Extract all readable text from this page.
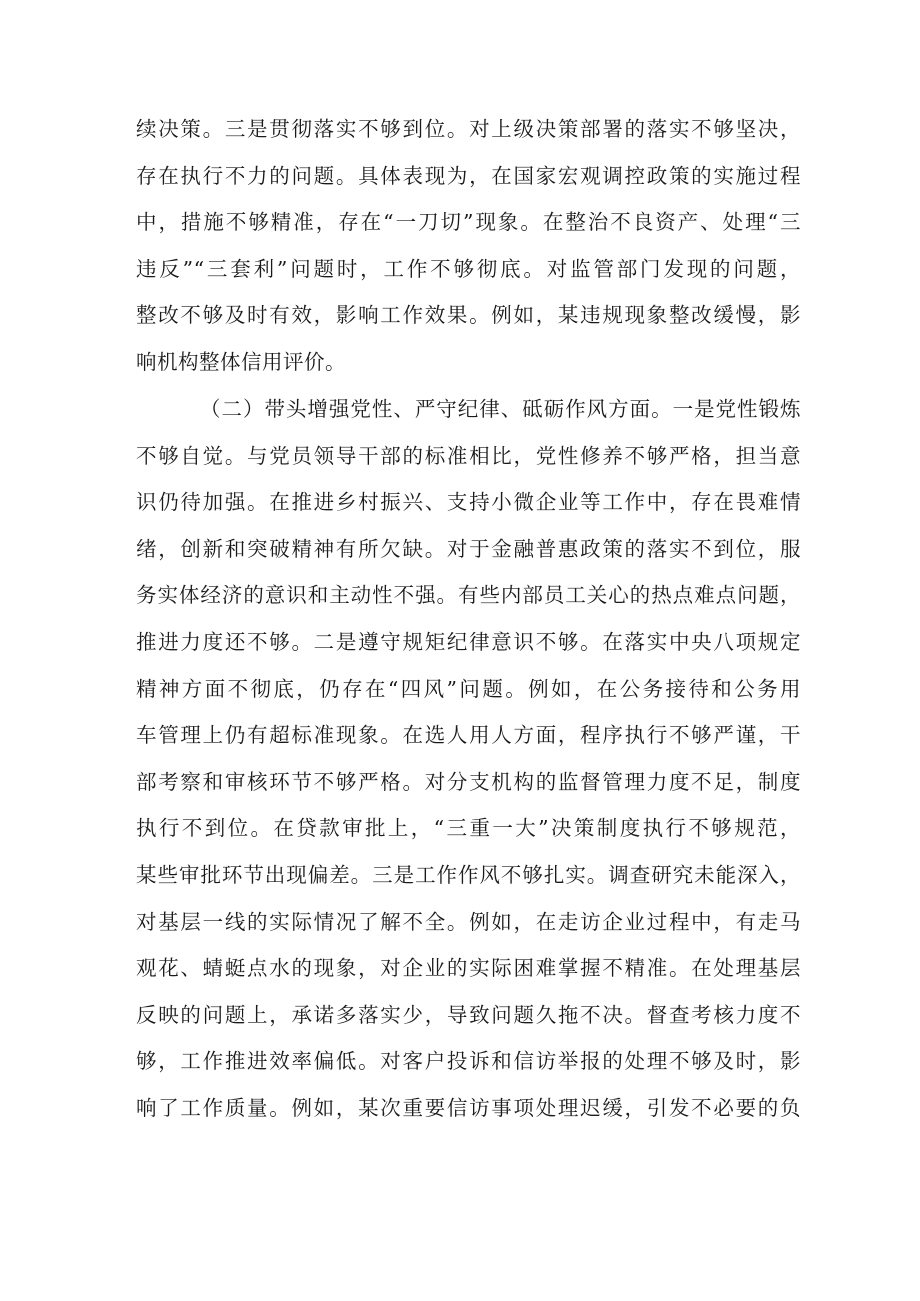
续决策。三是贯彻落实不够到位。对上级决策部署的落实不够坚决，
存在执行不力的问题。具体表现为，在国家宏观调控政策的实施过程
中，措施不够精准，存在“一刀切”现象。在整治不良资产、处理“三
违反”“三套利”问题时，工作不够彻底。对监管部门发现的问题，
整改不够及时有效，影响工作效果。例如，某违规现象整改缓慢，影
响机构整体信用评价。
（二）带头增强党性、严守纪律、砥砺作风方面。一是党性锻炼
不够自觉。与党员领导干部的标准相比，党性修养不够严格，担当意
识仍待加强。在推进乡村振兴、支持小微企业等工作中，存在畏难情
绪，创新和突破精神有所欠缺。对于金融普惠政策的落实不到位，服
务实体经济的意识和主动性不强。有些内部员工关心的热点难点问题，
推进力度还不够。二是遵守规矩纪律意识不够。在落实中央八项规定
精神方面不彻底，仍存在“四风”问题。例如，在公务接待和公务用
车管理上仍有超标准现象。在选人用人方面，程序执行不够严谨，干
部考察和审核环节不够严格。对分支机构的监督管理力度不足，制度
执行不到位。在贷款审批上，“三重一大”决策制度执行不够规范，
某些审批环节出现偏差。三是工作作风不够扎实。调查研究未能深入，
对基层一线的实际情况了解不全。例如，在走访企业过程中，有走马
观花、蜻蜓点水的现象，对企业的实际困难掌握不精准。在处理基层
反映的问题上，承诺多落实少，导致问题久拖不决。督查考核力度不
够，工作推进效率偏低。对客户投诉和信访举报的处理不够及时，影
响了工作质量。例如，某次重要信访事项处理迟缓，引发不必要的负
